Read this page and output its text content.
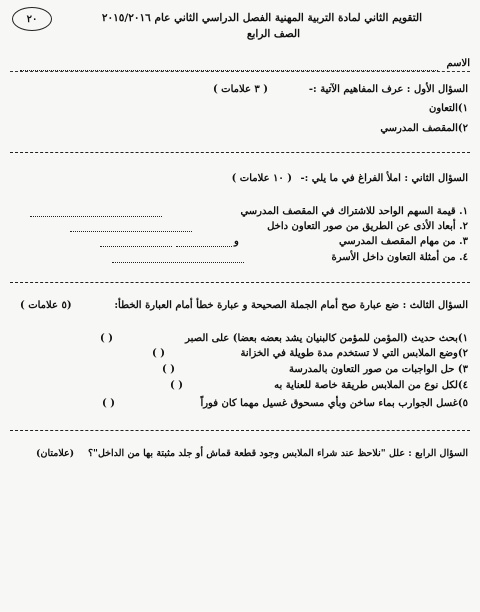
٢٠	التقويم الثاني لمادة التربية المهنية الفصل الدراسي الثاني عام ٢٠١٥/٢٠١٦
الصف الرابع
الاسم
السؤال الأول : عرف المفاهيم الآتية :-
( ٣ علامات )
١)التعاون
٢)المقصف المدرسي
السؤال الثاني : املأ الفراغ في ما يلي :-
( ١٠ علامات )
١. قيمة السهم الواحد للاشتراك في المقصف المدرسي
٢. أبعاد الأذى عن الطريق من صور التعاون داخل
٣. من مهام المقصف المدرسي
و
٤. من أمثلة التعاون داخل الأسرة
السؤال الثالث : ضع عبارة صح أمام الجملة الصحيحة و عبارة خطأ أمام العبارة الخطأ:
(٥ علامات )
١)بحث حديث (المؤمن للمؤمن كالبنيان يشد بعضه بعضا) على الصبر
( )
٢)وضع الملابس التي لا تستخدم مدة طويلة في الخزانة
( )
٣) حل الواجبات من صور التعاون بالمدرسة
( )
٤)لكل نوع من الملابس طريقة خاصة للعناية به
( )
٥)غسل الجوارب بماء ساخن وبأي مسحوق غسيل مهما كان فوراً
( )
السؤال الرابع : علل "نلاحظ عند شراء الملابس وجود قطعة قماش أو جلد مثبتة بها من الداخل"؟
(علامتان)
